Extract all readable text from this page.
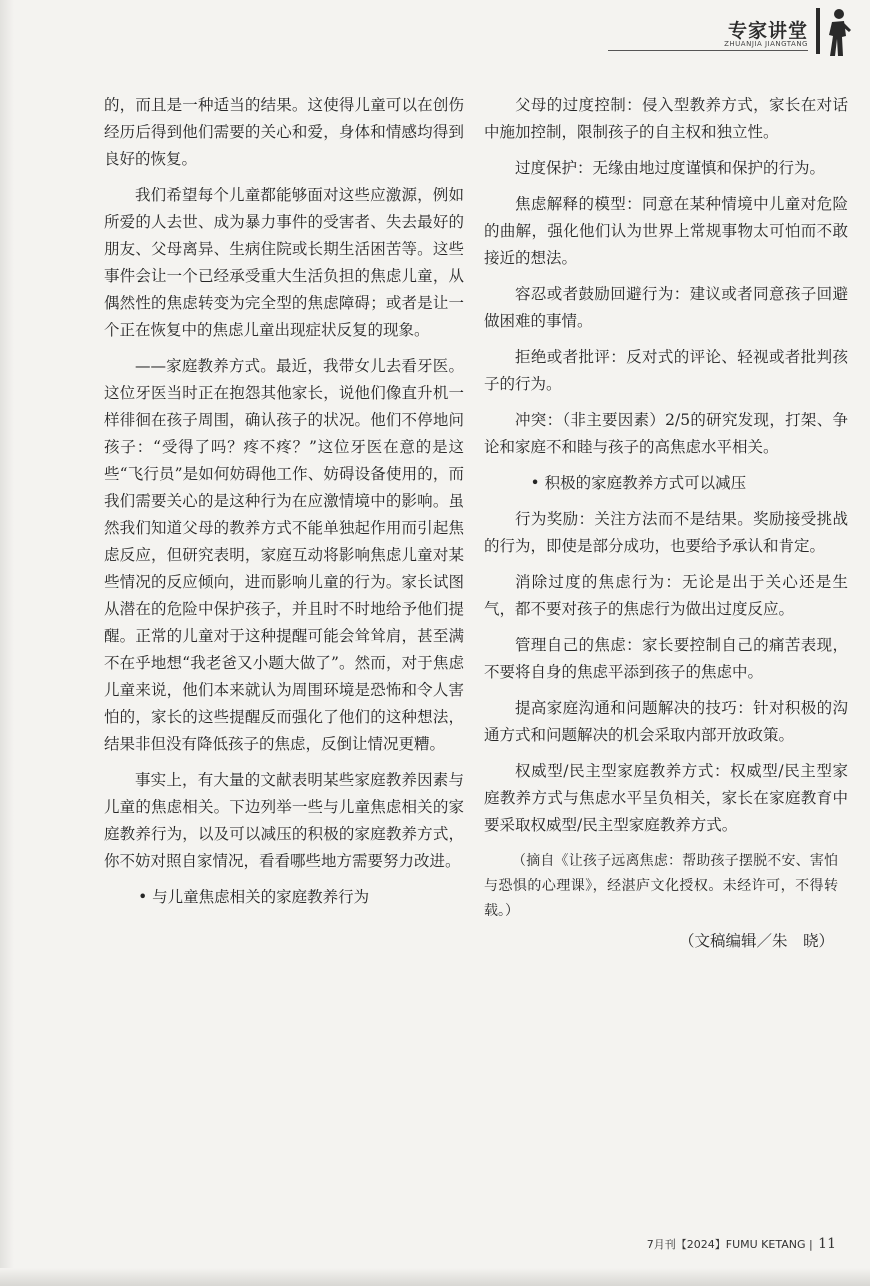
专家讲堂
ZHUANJIA JIANGTANG

的，而且是一种适当的结果。这使得儿童可以在创伤经历后得到他们需要的关心和爱，身体和情感均得到良好的恢复。

我们希望每个儿童都能够面对这些应激源，例如所爱的人去世、成为暴力事件的受害者、失去最好的朋友、父母离异、生病住院或长期生活困苦等。这些事件会让一个已经承受重大生活负担的焦虑儿童，从偶然性的焦虑转变为完全型的焦虑障碍；或者是让一个正在恢复中的焦虑儿童出现症状反复的现象。

——家庭教养方式。最近，我带女儿去看牙医。这位牙医当时正在抱怨其他家长，说他们像直升机一样徘徊在孩子周围，确认孩子的状况。他们不停地问孩子：“受得了吗？疼不疼？”这位牙医在意的是这些“飞行员”是如何妨碍他工作、妨碍设备使用的，而我们需要关心的是这种行为在应激情境中的影响。虽然我们知道父母的教养方式不能单独起作用而引起焦虑反应，但研究表明，家庭互动将影响焦虑儿童对某些情况的反应倾向，进而影响儿童的行为。家长试图从潜在的危险中保护孩子，并且时不时地给予他们提醒。正常的儿童对于这种提醒可能会耸耸肩，甚至满不在乎地想“我老爸又小题大做了”。然而，对于焦虑儿童来说，他们本来就认为周围环境是恐怖和令人害怕的，家长的这些提醒反而强化了他们的这种想法，结果非但没有降低孩子的焦虑，反倒让情况更糟。

事实上，有大量的文献表明某些家庭教养因素与儿童的焦虑相关。下边列举一些与儿童焦虑相关的家庭教养行为，以及可以减压的积极的家庭教养方式，你不妨对照自家情况，看看哪些地方需要努力改进。

• 与儿童焦虑相关的家庭教养行为

父母的过度控制：侵入型教养方式，家长在对话中施加控制，限制孩子的自主权和独立性。

过度保护：无缘由地过度谨慎和保护的行为。

焦虑解释的模型：同意在某种情境中儿童对危险的曲解，强化他们认为世界上常规事物太可怕而不敢接近的想法。

容忍或者鼓励回避行为：建议或者同意孩子回避做困难的事情。

拒绝或者批评：反对式的评论、轻视或者批判孩子的行为。

冲突：（非主要因素）2/5的研究发现，打架、争论和家庭不和睦与孩子的高焦虑水平相关。

• 积极的家庭教养方式可以减压

行为奖励：关注方法而不是结果。奖励接受挑战的行为，即使是部分成功，也要给予承认和肯定。

消除过度的焦虑行为：无论是出于关心还是生气，都不要对孩子的焦虑行为做出过度反应。

管理自己的焦虑：家长要控制自己的痛苦表现，不要将自身的焦虑平添到孩子的焦虑中。

提高家庭沟通和问题解决的技巧：针对积极的沟通方式和问题解决的机会采取内部开放政策。

权威型/民主型家庭教养方式：权威型/民主型家庭教养方式与焦虑水平呈负相关，家长在家庭教育中要采取权威型/民主型家庭教养方式。

（摘自《让孩子远离焦虑：帮助孩子摆脱不安、害怕与恐惧的心理课》，经湛庐文化授权。未经许可，不得转载。）

（文稿编辑／朱　晓）

7月刊【2024】FUMU KETANG | 11
